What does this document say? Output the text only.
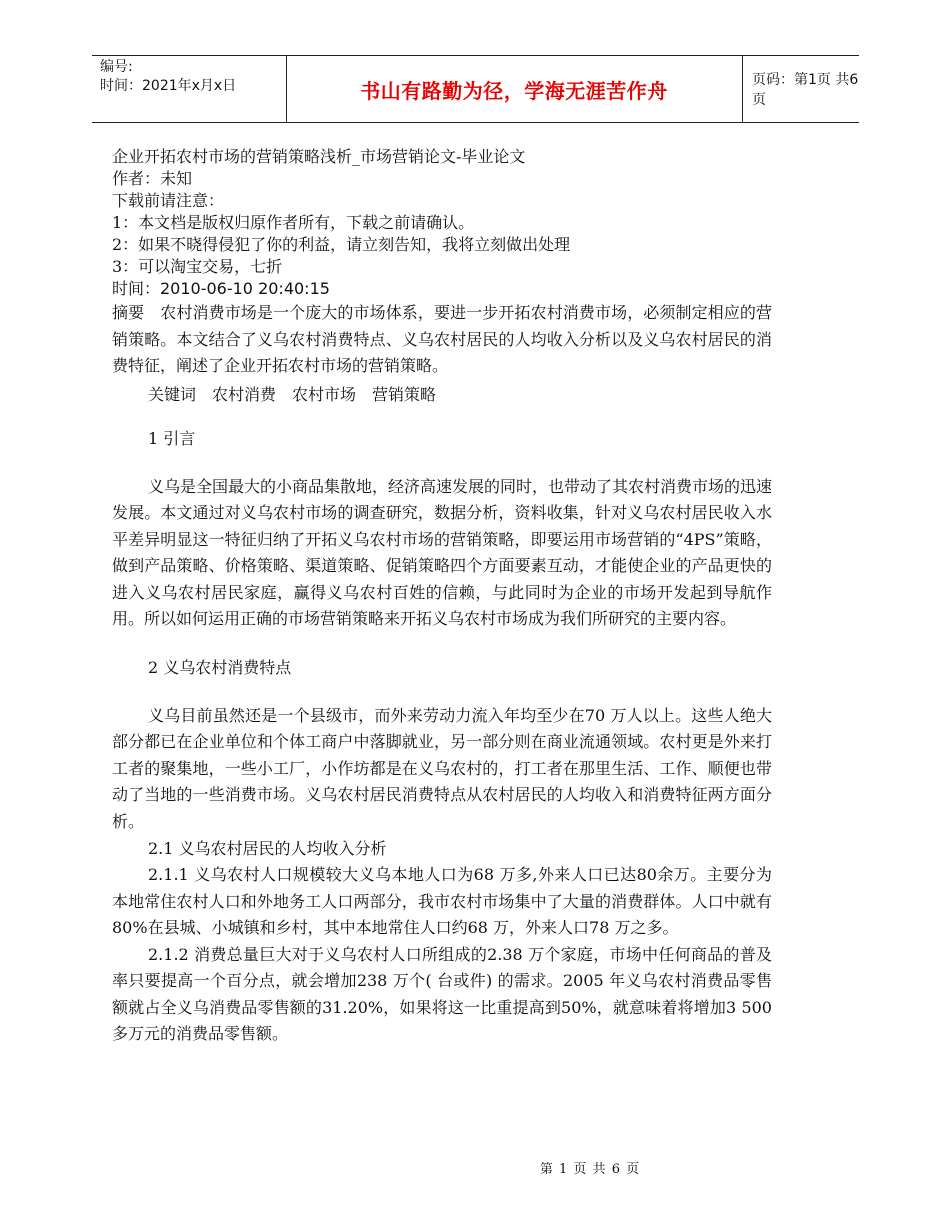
编号:
时间：2021年x月x日	书山有路勤为径，学海无涯苦作舟	页码：第1页 共6页
企业开拓农村市场的营销策略浅析_市场营销论文-毕业论文
作者：未知
下载前请注意：
1：本文档是版权归原作者所有，下载之前请确认。
2：如果不晓得侵犯了你的利益，请立刻告知，我将立刻做出处理
3：可以淘宝交易，七折
时间：2010-06-10 20:40:15
摘要　农村消费市场是一个庞大的市场体系，要进一步开拓农村消费市场，必须制定相应的营销策略。本文结合了义乌农村消费特点、义乌农村居民的人均收入分析以及义乌农村居民的消费特征，阐述了企业开拓农村市场的营销策略。
关键词　农村消费　农村市场　营销策略
1 引言
义乌是全国最大的小商品集散地，经济高速发展的同时，也带动了其农村消费市场的迅速发展。本文通过对义乌农村市场的调查研究，数据分析，资料收集，针对义乌农村居民收入水平差异明显这一特征归纳了开拓义乌农村市场的营销策略，即要运用市场营销的“4PS”策略，做到产品策略、价格策略、渠道策略、促销策略四个方面要素互动，才能使企业的产品更快的进入义乌农村居民家庭，赢得义乌农村百姓的信赖，与此同时为企业的市场开发起到导航作用。所以如何运用正确的市场营销策略来开拓义乌农村市场成为我们所研究的主要内容。
2 义乌农村消费特点
义乌目前虽然还是一个县级市，而外来劳动力流入年均至少在70 万人以上。这些人绝大部分都已在企业单位和个体工商户中落脚就业，另一部分则在商业流通领域。农村更是外来打工者的聚集地，一些小工厂，小作坊都是在义乌农村的，打工者在那里生活、工作、顺便也带动了当地的一些消费市场。义乌农村居民消费特点从农村居民的人均收入和消费特征两方面分析。
2.1 义乌农村居民的人均收入分析
2.1.1 义乌农村人口规模较大义乌本地人口为68 万多,外来人口已达80余万。主要分为本地常住农村人口和外地务工人口两部分，我市农村市场集中了大量的消费群体。人口中就有80%在县城、小城镇和乡村，其中本地常住人口约68 万，外来人口78 万之多。
2.1.2 消费总量巨大对于义乌农村人口所组成的2.38 万个家庭，市场中任何商品的普及率只要提高一个百分点，就会增加238 万个( 台或件) 的需求。2005 年义乌农村消费品零售额就占全义乌消费品零售额的31.20%，如果将这一比重提高到50%，就意味着将增加3 500 多万元的消费品零售额。
第 1 页 共 6 页
